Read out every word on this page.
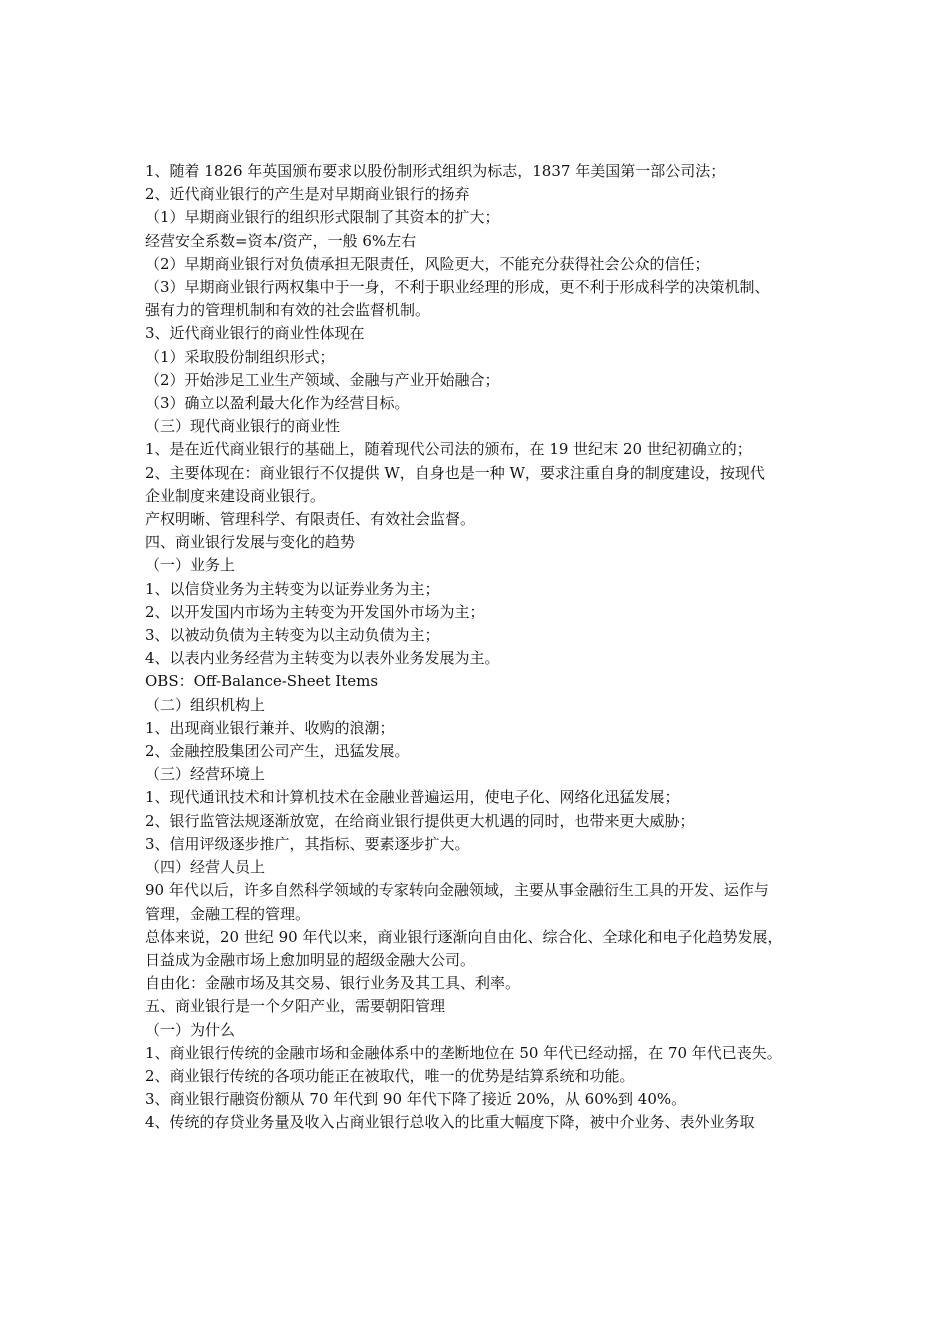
1、随着 1826 年英国颁布要求以股份制形式组织为标志，1837 年美国第一部公司法；
2、近代商业银行的产生是对早期商业银行的扬弃
（1）早期商业银行的组织形式限制了其资本的扩大；
经营安全系数=资本/资产，一般 6%左右
（2）早期商业银行对负债承担无限责任，风险更大，不能充分获得社会公众的信任；
（3）早期商业银行两权集中于一身，不利于职业经理的形成，更不利于形成科学的决策机制、
强有力的管理机制和有效的社会监督机制。
3、近代商业银行的商业性体现在
（1）采取股份制组织形式；
（2）开始涉足工业生产领域、金融与产业开始融合；
（3）确立以盈利最大化作为经营目标。
（三）现代商业银行的商业性
1、是在近代商业银行的基础上，随着现代公司法的颁布，在 19 世纪末 20 世纪初确立的；
2、主要体现在：商业银行不仅提供 W，自身也是一种 W，要求注重自身的制度建设，按现代
企业制度来建设商业银行。
产权明晰、管理科学、有限责任、有效社会监督。
四、商业银行发展与变化的趋势
（一）业务上
1、以信贷业务为主转变为以证券业务为主；
2、以开发国内市场为主转变为开发国外市场为主；
3、以被动负债为主转变为以主动负债为主；
4、以表内业务经营为主转变为以表外业务发展为主。
OBS：Off-Balance-Sheet Items
（二）组织机构上
1、出现商业银行兼并、收购的浪潮；
2、金融控股集团公司产生，迅猛发展。
（三）经营环境上
1、现代通讯技术和计算机技术在金融业普遍运用，使电子化、网络化迅猛发展；
2、银行监管法规逐渐放宽，在给商业银行提供更大机遇的同时，也带来更大威胁；
3、信用评级逐步推广，其指标、要素逐步扩大。
（四）经营人员上
90 年代以后，许多自然科学领域的专家转向金融领域，主要从事金融衍生工具的开发、运作与
管理，金融工程的管理。
总体来说，20 世纪 90 年代以来，商业银行逐渐向自由化、综合化、全球化和电子化趋势发展，
日益成为金融市场上愈加明显的超级金融大公司。
自由化：金融市场及其交易、银行业务及其工具、利率。
五、商业银行是一个夕阳产业，需要朝阳管理
（一）为什么
1、商业银行传统的金融市场和金融体系中的垄断地位在 50 年代已经动摇，在 70 年代已丧失。
2、商业银行传统的各项功能正在被取代，唯一的优势是结算系统和功能。
3、商业银行融资份额从 70 年代到 90 年代下降了接近 20%，从 60%到 40%。
4、传统的存贷业务量及收入占商业银行总收入的比重大幅度下降，被中介业务、表外业务取
